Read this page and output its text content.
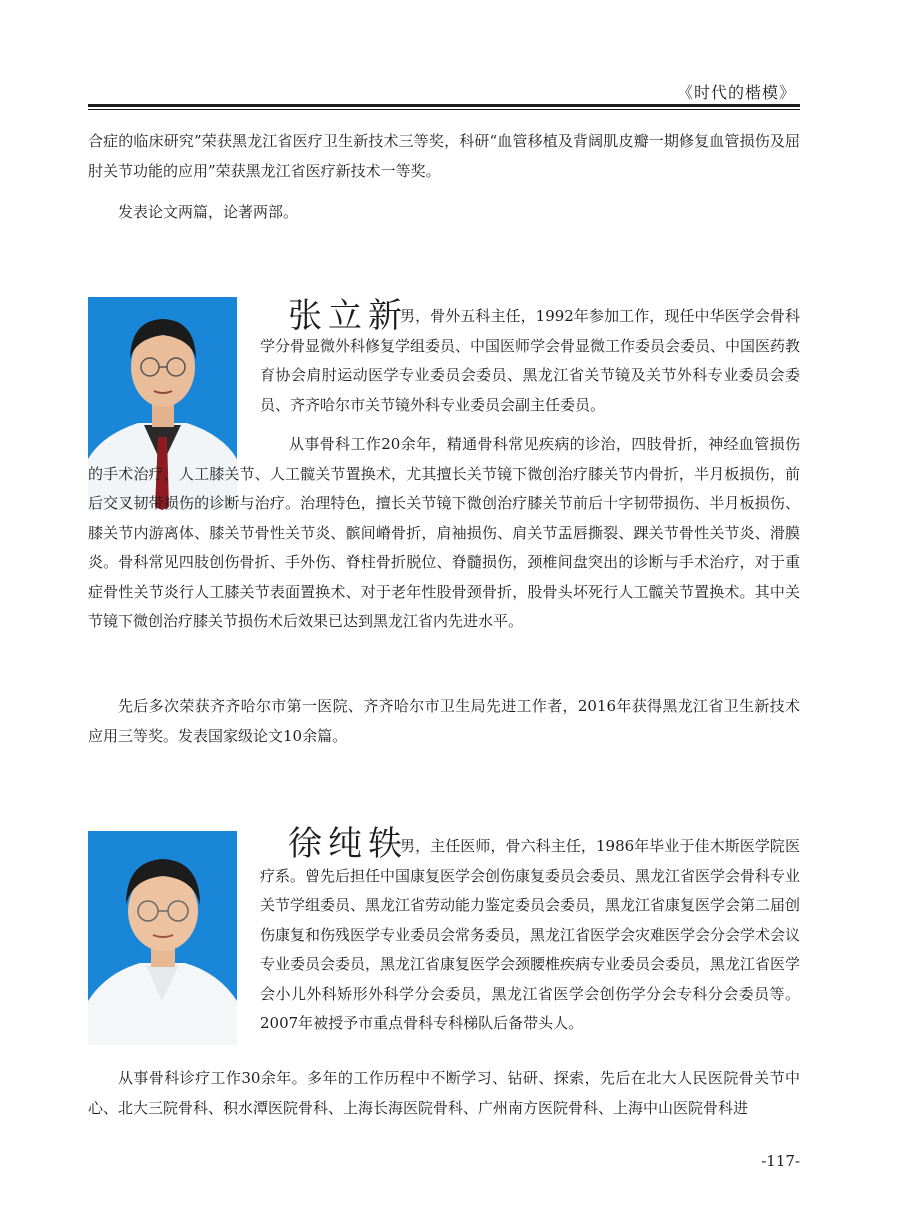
《时代的楷模》

合症的临床研究”荣获黑龙江省医疗卫生新技术三等奖，科研“血管移植及背阔肌皮瓣一期修复血管损伤及屈肘关节功能的应用”荣获黑龙江省医疗新技术一等奖。

发表论文两篇，论著两部。

张立新

男，骨外五科主任，1992年参加工作，现任中华医学会骨科学分骨显微外科修复学组委员、中国医师学会骨显微工作委员会委员、中国医药教育协会肩肘运动医学专业委员会委员、黑龙江省关节镜及关节外科专业委员会委员、齐齐哈尔市关节镜外科专业委员会副主任委员。

从事骨科工作20余年，精通骨科常见疾病的诊治，四肢骨折，神经血管损伤的手术治疗，人工膝关节、人工髋关节置换术，尤其擅长关节镜下微创治疗膝关节内骨折，半月板损伤，前后交叉韧带损伤的诊断与治疗。治理特色，擅长关节镜下微创治疗膝关节前后十字韧带损伤、半月板损伤、膝关节内游离体、膝关节骨性关节炎、髌间嵴骨折，肩袖损伤、肩关节盂唇撕裂、踝关节骨性关节炎、滑膜炎。骨科常见四肢创伤骨折、手外伤、脊柱骨折脱位、脊髓损伤，颈椎间盘突出的诊断与手术治疗，对于重症骨性关节炎行人工膝关节表面置换术、对于老年性股骨颈骨折，股骨头坏死行人工髋关节置换术。其中关节镜下微创治疗膝关节损伤术后效果已达到黑龙江省内先进水平。

先后多次荣获齐齐哈尔市第一医院、齐齐哈尔市卫生局先进工作者，2016年获得黑龙江省卫生新技术应用三等奖。发表国家级论文10余篇。

徐纯轶

男，主任医师，骨六科主任，1986年毕业于佳木斯医学院医疗系。曾先后担任中国康复医学会创伤康复委员会委员、黑龙江省医学会骨科专业关节学组委员、黑龙江省劳动能力鉴定委员会委员，黑龙江省康复医学会第二届创伤康复和伤残医学专业委员会常务委员，黑龙江省医学会灾难医学会分会学术会议专业委员会委员，黑龙江省康复医学会颈腰椎疾病专业委员会委员，黑龙江省医学会小儿外科矫形外科学分会委员，黑龙江省医学会创伤学分会专科分会委员等。2007年被授予市重点骨科专科梯队后备带头人。

从事骨科诊疗工作30余年。多年的工作历程中不断学习、钻研、探索，先后在北大人民医院骨关节中心、北大三院骨科、积水潭医院骨科、上海长海医院骨科、广州南方医院骨科、上海中山医院骨科进

-117-
